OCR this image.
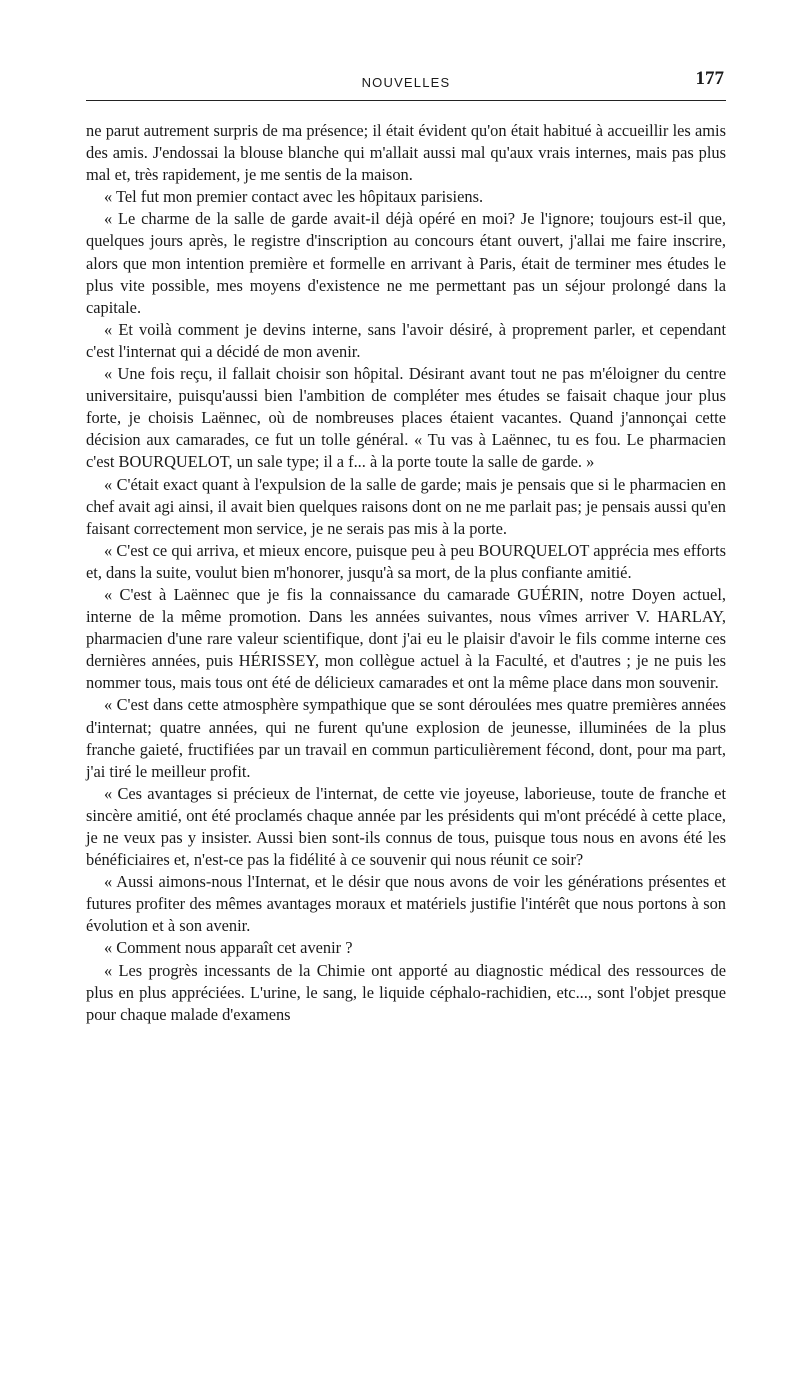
NOUVELLES	177

ne parut autrement surpris de ma présence; il était évident qu'on était habitué à accueillir les amis des amis. J'endossai la blouse blanche qui m'allait aussi mal qu'aux vrais internes, mais pas plus mal et, très rapidement, je me sentis de la maison.

« Tel fut mon premier contact avec les hôpitaux parisiens.

« Le charme de la salle de garde avait-il déjà opéré en moi? Je l'ignore; toujours est-il que, quelques jours après, le registre d'inscription au concours étant ouvert, j'allai me faire inscrire, alors que mon intention première et formelle en arrivant à Paris, était de terminer mes études le plus vite possible, mes moyens d'existence ne me permettant pas un séjour prolongé dans la capitale.

« Et voilà comment je devins interne, sans l'avoir désiré, à proprement parler, et cependant c'est l'internat qui a décidé de mon avenir.

« Une fois reçu, il fallait choisir son hôpital. Désirant avant tout ne pas m'éloigner du centre universitaire, puisqu'aussi bien l'ambition de compléter mes études se faisait chaque jour plus forte, je choisis Laënnec, où de nombreuses places étaient vacantes. Quand j'annonçai cette décision aux camarades, ce fut un tolle général. « Tu vas à Laënnec, tu es fou. Le pharmacien c'est BOURQUELOT, un sale type; il a f... à la porte toute la salle de garde. »

« C'était exact quant à l'expulsion de la salle de garde; mais je pensais que si le pharmacien en chef avait agi ainsi, il avait bien quelques raisons dont on ne me parlait pas; je pensais aussi qu'en faisant correctement mon service, je ne serais pas mis à la porte.

« C'est ce qui arriva, et mieux encore, puisque peu à peu BOURQUELOT apprécia mes efforts et, dans la suite, voulut bien m'honorer, jusqu'à sa mort, de la plus confiante amitié.

« C'est à Laënnec que je fis la connaissance du camarade GUÉRIN, notre Doyen actuel, interne de la même promotion. Dans les années suivantes, nous vîmes arriver V. HARLAY, pharmacien d'une rare valeur scientifique, dont j'ai eu le plaisir d'avoir le fils comme interne ces dernières années, puis HÉRISSEY, mon collègue actuel à la Faculté, et d'autres ; je ne puis les nommer tous, mais tous ont été de délicieux camarades et ont la même place dans mon souvenir.

« C'est dans cette atmosphère sympathique que se sont déroulées mes quatre premières années d'internat; quatre années, qui ne furent qu'une explosion de jeunesse, illuminées de la plus franche gaieté, fructifiées par un travail en commun particulièrement fécond, dont, pour ma part, j'ai tiré le meilleur profit.

« Ces avantages si précieux de l'internat, de cette vie joyeuse, laborieuse, toute de franche et sincère amitié, ont été proclamés chaque année par les présidents qui m'ont précédé à cette place, je ne veux pas y insister. Aussi bien sont-ils connus de tous, puisque tous nous en avons été les bénéficiaires et, n'est-ce pas la fidélité à ce souvenir qui nous réunit ce soir?

« Aussi aimons-nous l'Internat, et le désir que nous avons de voir les générations présentes et futures profiter des mêmes avantages moraux et matériels justifie l'intérêt que nous portons à son évolution et à son avenir.

« Comment nous apparaît cet avenir ?

« Les progrès incessants de la Chimie ont apporté au diagnostic médical des ressources de plus en plus appréciées. L'urine, le sang, le liquide céphalo-rachidien, etc..., sont l'objet presque pour chaque malade d'examens
